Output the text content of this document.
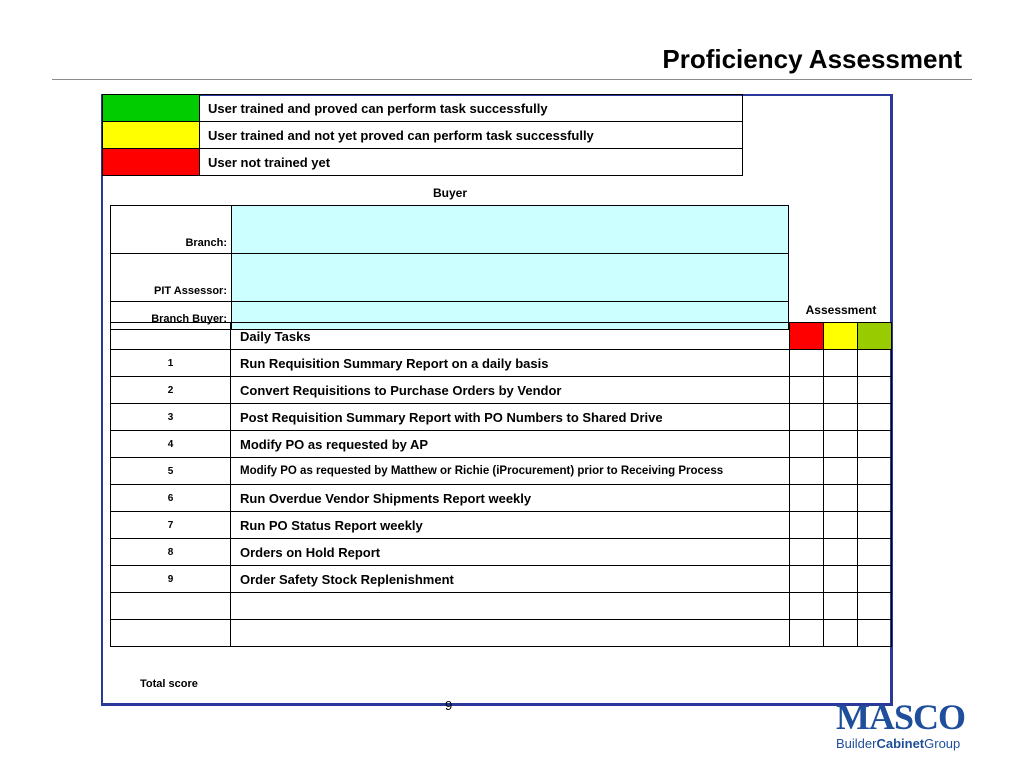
Proficiency Assessment
	User trained and proved can perform task successfully
	User trained and not yet proved can perform task successfully
	User not trained yet
Buyer
Branch:	
PIT Assessor:	
Branch Buyer:	
Assessment
	Daily Tasks			
1	Run Requisition Summary Report on a daily basis			
2	Convert Requisitions to Purchase Orders by Vendor			
3	Post Requisition Summary Report with PO Numbers to Shared Drive			
4	Modify PO as requested by AP			
5	Modify PO as requested by Matthew or Richie (iProcurement) prior to Receiving Process			
6	Run Overdue Vendor Shipments Report weekly			
7	Run PO Status Report weekly			
8	Orders on Hold Report			
9	Order Safety Stock Replenishment			

Total score
9	MASCO
BuilderCabinetGroup
